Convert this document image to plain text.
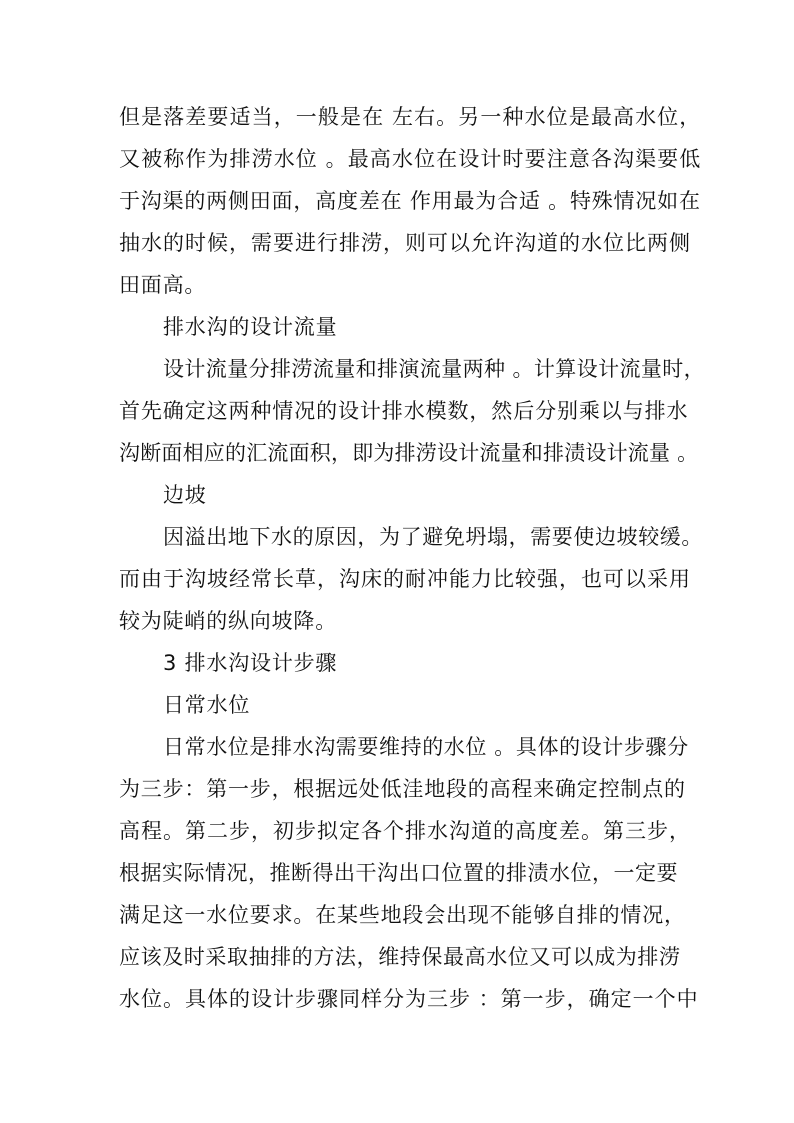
但是落差要适当，一般是在 左右。另一种水位是最高水位，
又被称作为排涝水位 。最高水位在设计时要注意各沟渠要低
于沟渠的两侧田面，高度差在 作用最为合适 。特殊情况如在
抽水的时候，需要进行排涝，则可以允许沟道的水位比两侧
田面高。
排水沟的设计流量
设计流量分排涝流量和排演流量两种 。计算设计流量时，
首先确定这两种情况的设计排水模数，然后分别乘以与排水
沟断面相应的汇流面积，即为排涝设计流量和排渍设计流量 。
边坡
因溢出地下水的原因，为了避免坍塌，需要使边坡较缓。
而由于沟坡经常长草，沟床的耐冲能力比较强，也可以采用
较为陡峭的纵向坡降。
3 排水沟设计步骤
日常水位
日常水位是排水沟需要维持的水位 。具体的设计步骤分
为三步：第一步，根据远处低洼地段的高程来确定控制点的
高程。第二步，初步拟定各个排水沟道的高度差。第三步，
根据实际情况，推断得出干沟出口位置的排渍水位，一定要
满足这一水位要求。在某些地段会出现不能够自排的情况，
应该及时采取抽排的方法，维持保最高水位又可以成为排涝
水位。具体的设计步骤同样分为三步 ：第一步，确定一个中
